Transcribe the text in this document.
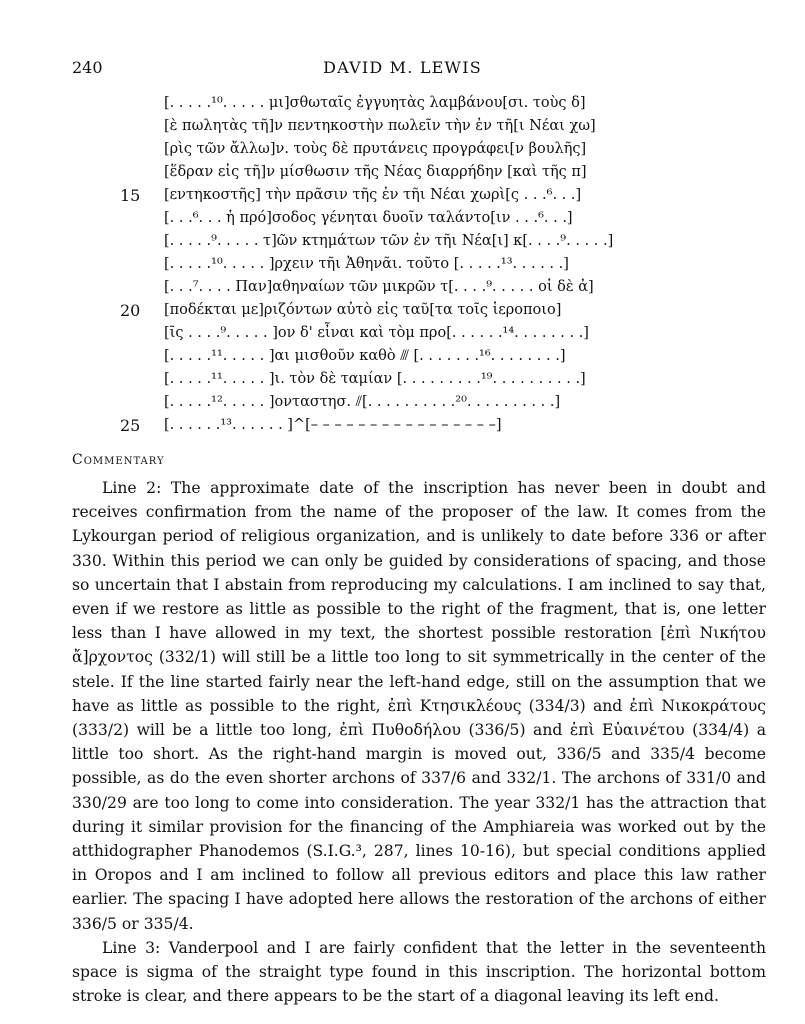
240	DAVID M. LEWIS
[. . . . .¹⁰. . . . . μι]σθωταῖς ἐγγυητὰς λαμβάνου[σι. τοὺς δ]
[ὲ πωλητὰς τῆ]ν πεντηκοστὴν πωλεῖν τὴν ἐν τῆ[ι Νέαι χω]
[ρὶς τῶν ἄλλω]ν. τοὺς δὲ πρυτάνεις προγράφει[ν βουλῆς]
[ἕδραν εἰς τῆ]ν μίσθωσιν τῆς Νέας διαρρήδην [καὶ τῆς π]
15	[εντηκοστῆς] τὴν πρᾶσιν τῆς ἐν τῆι Νέαι χωρὶ[ς . . .⁶. . .]
[. . .⁶. . . ἡ πρό]σοδος γένηται δυοῖν ταλάντο[ιν . . .⁶. . .]
[. . . . .⁹. . . . . τ]ῶν κτημάτων τῶν ἐν τῆι Νέα[ι] κ[. . . .⁹. . . . .]
[. . . . .¹⁰. . . . . ]ρχειν τῆι Ἀθηνᾶι. τοῦτο [. . . . .¹³. . . . . .]
[. . .⁷. . . . Παν]αθηναίων τῶν μικρῶν τ[. . . .⁹. . . . . οἱ δὲ ἀ]
20	[ποδέκται με]ριζόντων αὐτὸ εἰς ταῦ[τα τοῖς ἱεροποιο]
[ῖς . . . .⁹. . . . . ]ον δ' εἶναι καὶ τὸμ προ[. . . . . .¹⁴. . . . . . . .]
[. . . . .¹¹. . . . . ]αι μισθοῦν καθὸ ⫻ [. . . . . . .¹⁶. . . . . . . .]
[. . . . .¹¹. . . . . ]ι. τὸν δὲ ταμίαν [. . . . . . . . .¹⁹. . . . . . . . . .]
[. . . . .¹². . . . . ]ονταστησ. ⫽[. . . . . . . . . .²⁰. . . . . . . . . .]
25	[. . . . . .¹³. . . . . . ]^[– – – – – – – – – – – – – – – –]
Commentary

Line 2: The approximate date of the inscription has never been in doubt and receives confirmation from the name of the proposer of the law. It comes from the Lykourgan period of religious organization, and is unlikely to date before 336 or after 330. Within this period we can only be guided by considerations of spacing, and those so uncertain that I abstain from reproducing my calculations. I am inclined to say that, even if we restore as little as possible to the right of the fragment, that is, one letter less than I have allowed in my text, the shortest possible restoration [ἐπὶ Νικήτου ἄ]ρχοντος (332/1) will still be a little too long to sit symmetrically in the center of the stele. If the line started fairly near the left-hand edge, still on the assumption that we have as little as possible to the right, ἐπὶ Κτησικλέους (334/3) and ἐπὶ Νικοκράτους (333/2) will be a little too long, ἐπὶ Πυθοδήλου (336/5) and ἐπὶ Εὐαινέτου (334/4) a little too short. As the right-hand margin is moved out, 336/5 and 335/4 become possible, as do the even shorter archons of 337/6 and 332/1. The archons of 331/0 and 330/29 are too long to come into consideration. The year 332/1 has the attraction that during it similar provision for the financing of the Amphiareia was worked out by the atthidographer Phanodemos (S.I.G.³, 287, lines 10-16), but special conditions applied in Oropos and I am inclined to follow all previous editors and place this law rather earlier. The spacing I have adopted here allows the restoration of the archons of either 336/5 or 335/4.

Line 3: Vanderpool and I are fairly confident that the letter in the seventeenth space is sigma of the straight type found in this inscription. The horizontal bottom stroke is clear, and there appears to be the start of a diagonal leaving its left end.
